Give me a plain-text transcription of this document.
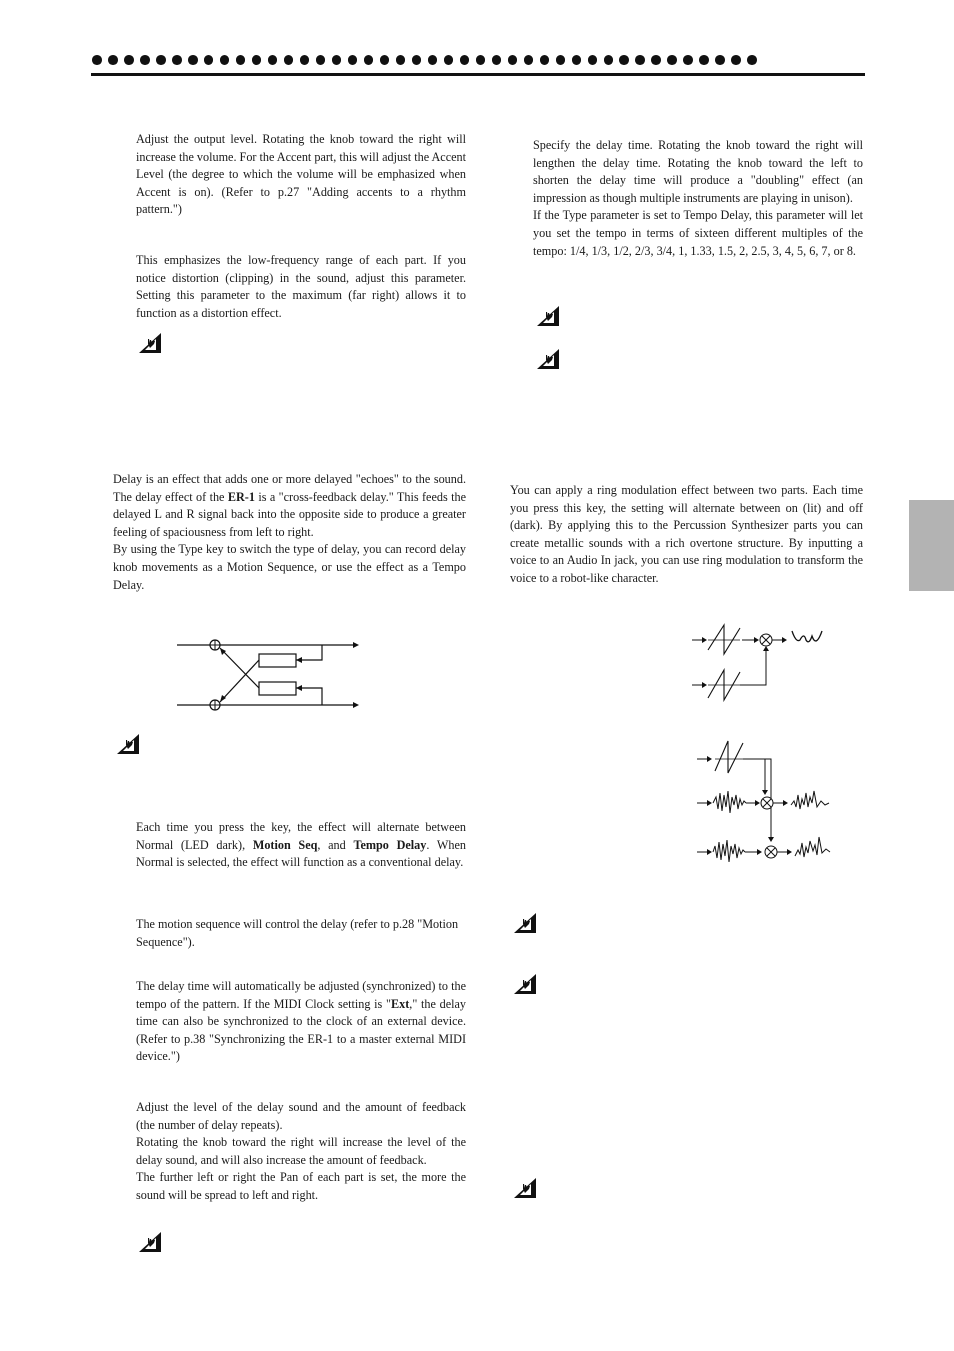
Adjust the output level. Rotating the knob toward the right will increase the volume. For the Accent part, this will adjust the Accent Level (the degree to which the volume will be emphasized when Accent is on). (Refer to p.27 "Adding accents to a rhythm pattern.")

This emphasizes the low-frequency range of each part. If you notice distortion (clipping) in the sound, adjust this parameter. Setting this parameter to the maximum (far right) allows it to function as a distortion effect.

Delay is an effect that adds one or more delayed "echoes" to the sound. The delay effect of the ER-1 is a "cross-feedback delay." This feeds the delayed L and R signal back into the opposite side to produce a greater feeling of spaciousness from left to right.
By using the Type key to switch the type of delay, you can record delay knob movements as a Motion Sequence, or use the effect as a Tempo Delay.

Each time you press the key, the effect will alternate between Normal (LED dark), Motion Seq, and Tempo Delay. When Normal is selected, the effect will function as a conventional delay.

The motion sequence will control the delay (refer to p.28 "Motion Sequence").

The delay time will automatically be adjusted (synchronized) to the tempo of the pattern. If the MIDI Clock setting is "Ext," the delay time can also be synchronized to the clock of an external device. (Refer to p.38 "Synchronizing the ER-1 to a master external MIDI device.")

Adjust the level of the delay sound and the amount of feedback (the number of delay repeats).
Rotating the knob toward the right will increase the level of the delay sound, and will also increase the amount of feedback.
The further left or right the Pan of each part is set, the more the sound will be spread to left and right.
Specify the delay time. Rotating the knob toward the right will lengthen the delay time. Rotating the knob toward the left to shorten the delay time will produce a "doubling" effect (an impression as though multiple instruments are playing in unison).
If the Type parameter is set to Tempo Delay, this parameter will let you set the tempo in terms of sixteen different multiples of the tempo: 1/4, 1/3, 1/2, 2/3, 3/4, 1, 1.33, 1.5, 2, 2.5, 3, 4, 5, 6, 7, or 8.

You can apply a ring modulation effect between two parts. Each time you press this key, the setting will alternate between on (lit) and off (dark). By applying this to the Percussion Synthesizer parts you can create metallic sounds with a rich overtone structure. By inputting a voice to an Audio In jack, you can use ring modulation to transform the voice to a robot-like character.
